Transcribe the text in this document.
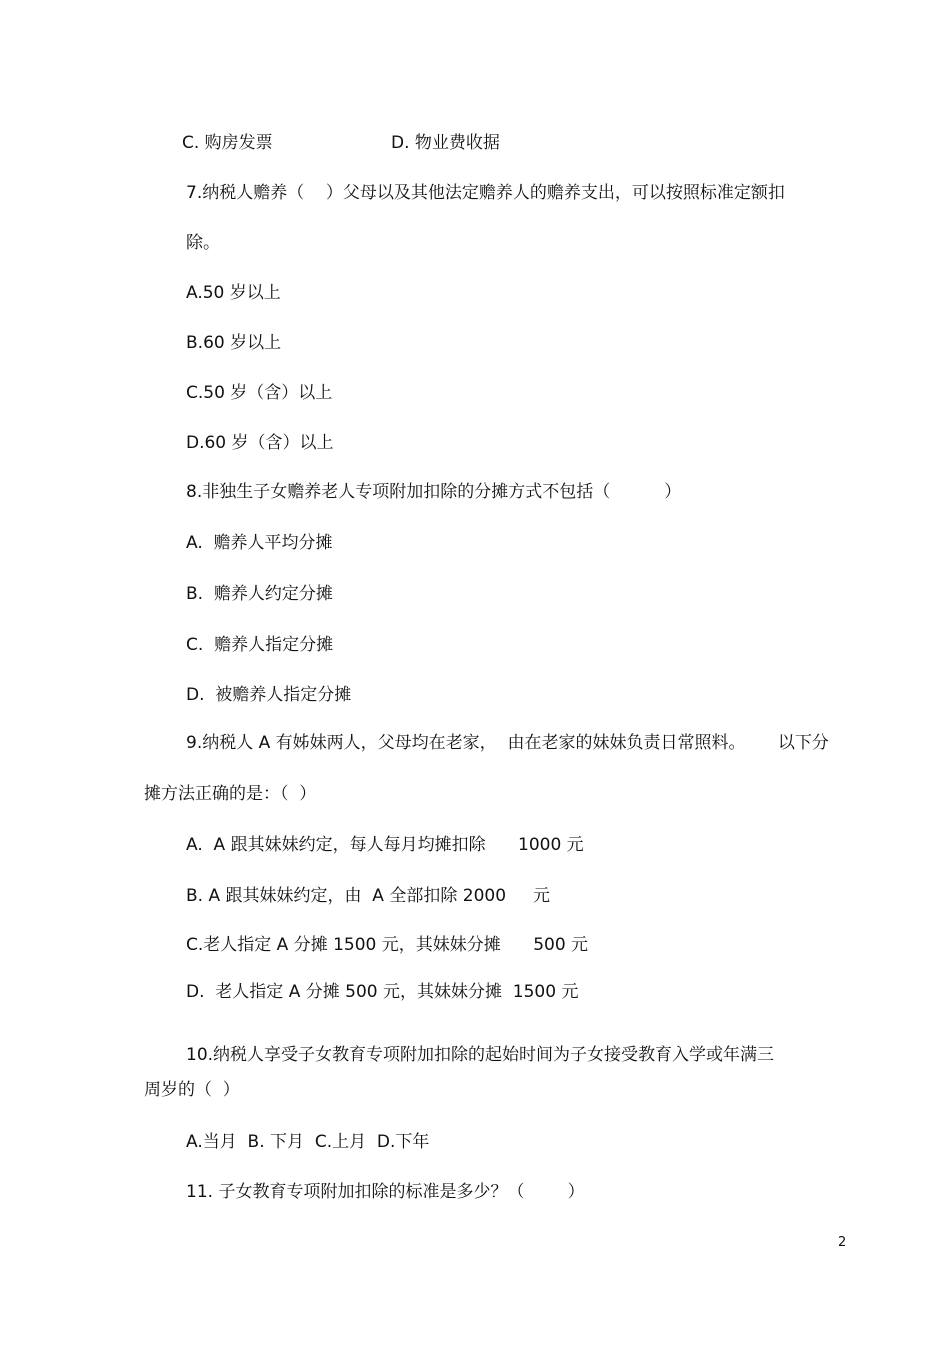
C. 购房发票	D. 物业费收据
7.纳税人赡养（    ）父母以及其他法定赡养人的赡养支出，可以按照标准定额扣
除。
A.50 岁以上
B.60 岁以上
C.50 岁（含）以上
D.60 岁（含）以上
8.非独生子女赡养老人专项附加扣除的分摊方式不包括（          ）
A.  赡养人平均分摊
B.  赡养人约定分摊
C.  赡养人指定分摊
D.  被赡养人指定分摊
9.纳税人 A 有姊妹两人，父母均在老家，  由在老家的妹妹负责日常照料。      以下分
摊方法正确的是：（  ）
A.  A 跟其妹妹约定，每人每月均摊扣除      1000 元
B. A 跟其妹妹约定，由  A 全部扣除 2000     元
C.老人指定 A 分摊 1500 元，其妹妹分摊      500 元
D.  老人指定 A 分摊 500 元，其妹妹分摊  1500 元
10.纳税人享受子女教育专项附加扣除的起始时间为子女接受教育入学或年满三
周岁的（  ）
A.当月  B. 下月  C.上月  D.下年
11. 子女教育专项附加扣除的标准是多少？（        ）
2
